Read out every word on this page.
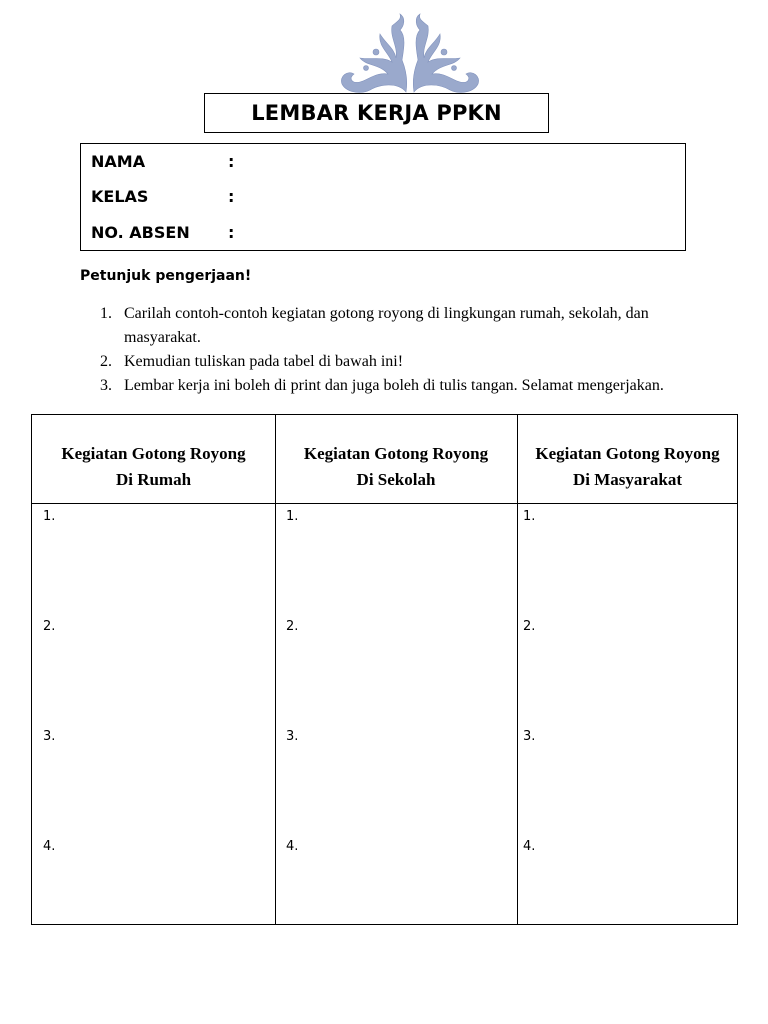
LEMBAR KERJA PPKN
NAMA	:
KELAS	:
NO. ABSEN :
Petunjuk pengerjaan!
1. Carilah contoh-contoh kegiatan gotong royong di lingkungan rumah, sekolah, dan masyarakat.
2. Kemudian tuliskan pada tabel di bawah ini!
3. Lembar kerja ini boleh di print dan juga boleh di tulis tangan. Selamat mengerjakan.
Kegiatan Gotong Royong
Di Rumah
Kegiatan Gotong Royong
Di Sekolah
Kegiatan Gotong Royong
Di Masyarakat
1.
2.
3.
4.
1.
2.
3.
4.
1.
2.
3.
4.
